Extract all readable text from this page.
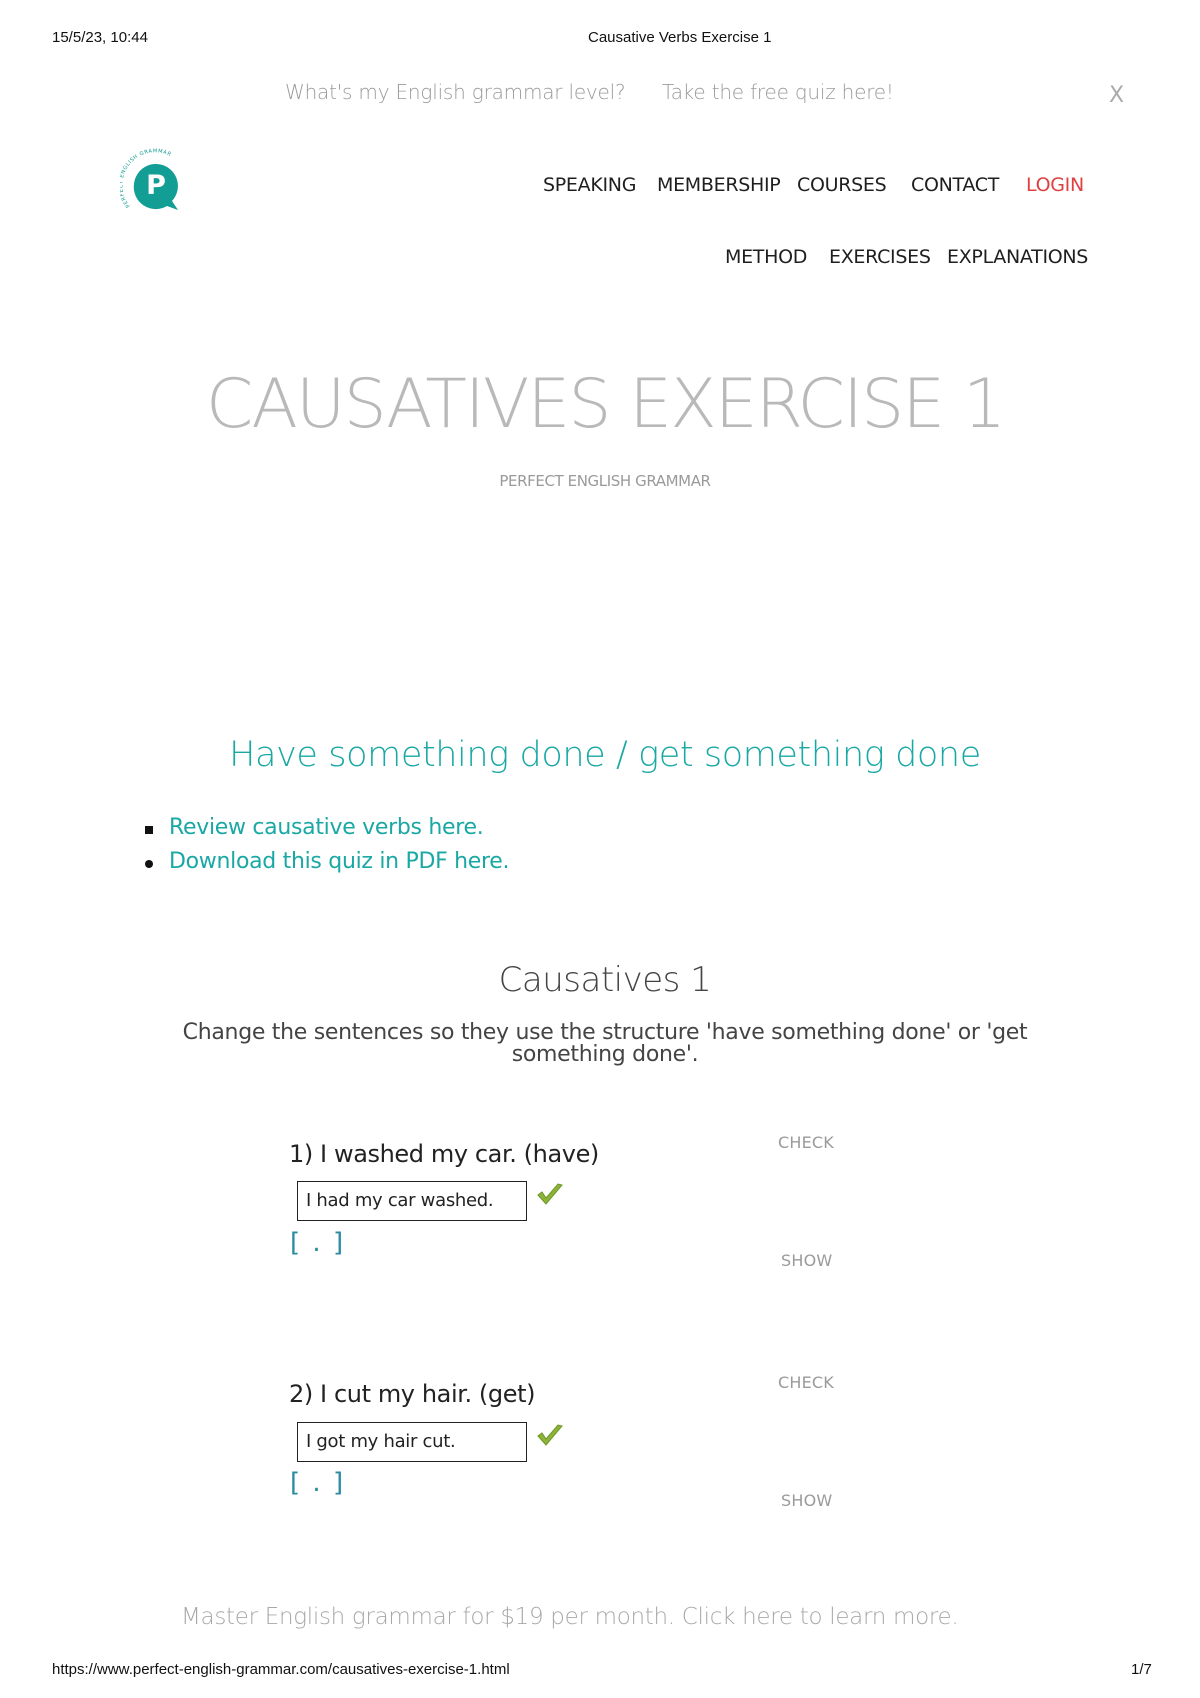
15/5/23, 10:44	Causative Verbs Exercise 1
What's my English grammar level? Take the free quiz here!	X
PER NGLISH GRAMMAR
P	SPEAKING MEMBERSHIP COURSES CONTACT LOGIN
METHOD EXERCISES EXPLANATIONS
CAUSATIVES EXERCISE 1
PERFECT ENGLISH GRAMMAR
Have something done / get something done
Review causative verbs here.
Download this quiz in PDF here.
Causatives 1
Change the sentences so they use the structure 'have something done' or 'get something done'.
1) I washed my car. (have)
I had my car washed.
[ . ]
CHECK
SHOW
2) I cut my hair. (get)
I got my hair cut.
[ . ]
CHECK
SHOW
Master English grammar for $19 per month. Click here to learn more.
https://www.perfect-english-grammar.com/causatives-exercise-1.html	1/7
